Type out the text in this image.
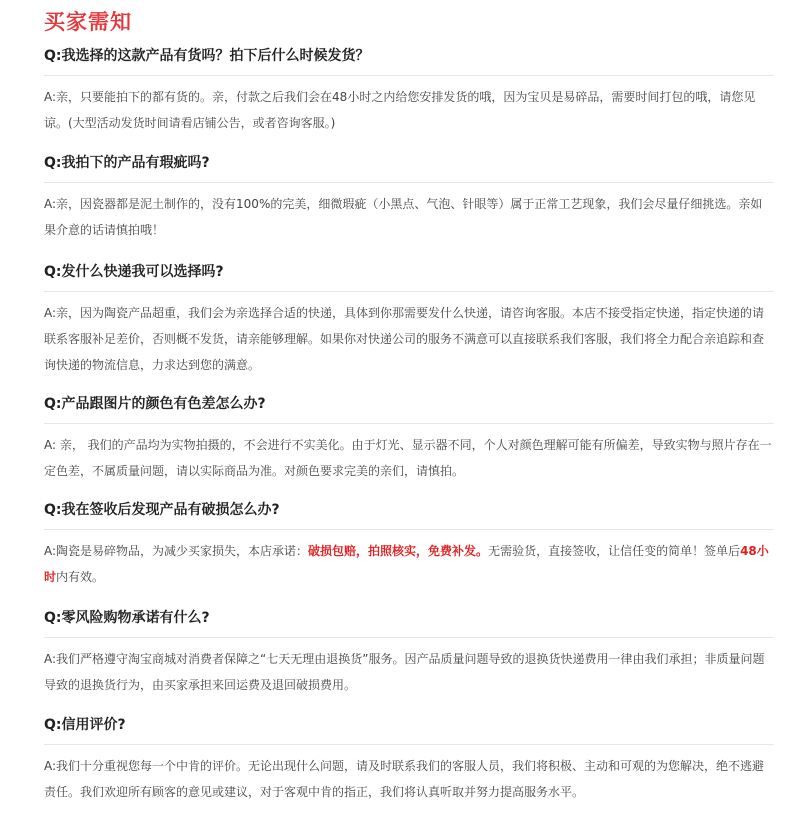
买家需知

Q:我选择的这款产品有货吗？拍下后什么时候发货？

A:亲，只要能拍下的都有货的。亲，付款之后我们会在48小时之内给您安排发货的哦，因为宝贝是易碎品，需要时间打包的哦，请您见谅。(大型活动发货时间请看店铺公告，或者咨询客服。)

Q:我拍下的产品有瑕疵吗?

A:亲，因瓷器都是泥土制作的，没有100%的完美，细微瑕疵（小黑点、气泡、针眼等）属于正常工艺现象，我们会尽量仔细挑选。亲如果介意的话请慎拍哦！

Q:发什么快递我可以选择吗?

A:亲，因为陶瓷产品超重，我们会为亲选择合适的快递，具体到你那需要发什么快递，请咨询客服。本店不接受指定快递，指定快递的请联系客服补足差价，否则概不发货，请亲能够理解。如果你对快递公司的服务不满意可以直接联系我们客服，我们将全力配合亲追踪和查询快递的物流信息，力求达到您的满意。

Q:产品跟图片的颜色有色差怎么办?

A: 亲， 我们的产品均为实物拍摄的，不会进行不实美化。由于灯光、显示器不同，个人对颜色理解可能有所偏差，导致实物与照片存在一定色差，不属质量问题，请以实际商品为准。对颜色要求完美的亲们，请慎拍。

Q:我在签收后发现产品有破损怎么办?

A:陶瓷是易碎物品，为减少买家损失，本店承诺：破损包赔，拍照核实，免费补发。无需验货，直接签收，让信任变的简单！签单后48小时内有效。

Q:零风险购物承诺有什么?

A:我们严格遵守淘宝商城对消费者保障之“七天无理由退换货”服务。因产品质量问题导致的退换货快递费用一律由我们承担；非质量问题导致的退换货行为，由买家承担来回运费及退回破损费用。

Q:信用评价?

A:我们十分重视您每一个中肯的评价。无论出现什么问题，请及时联系我们的客服人员，我们将积极、主动和可观的为您解决，绝不逃避责任。我们欢迎所有顾客的意见或建议，对于客观中肯的指正，我们将认真听取并努力提高服务水平。
